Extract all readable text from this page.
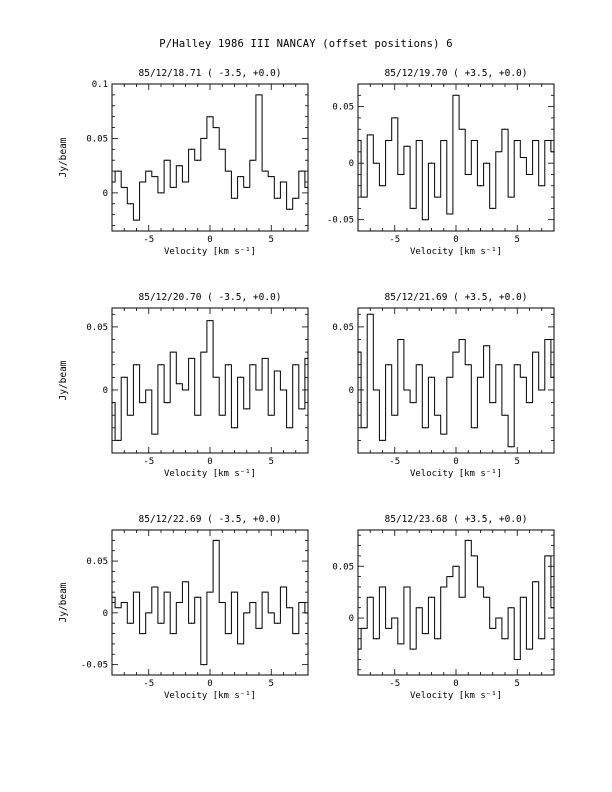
P/Halley 1986 III NANCAY (offset positions) 6
-5	0	5
0
0.05
0.1
85/12/18.71 ( -3.5, +0.0)
Velocity [km s⁻¹]
Jy/beam
-5	0	5
-0.05
0
0.05
85/12/19.70 ( +3.5, +0.0)
Velocity [km s⁻¹]
-5	0	5
0
0.05
85/12/20.70 ( -3.5, +0.0)
Velocity [km s⁻¹]
Jy/beam
-5	0	5
0
0.05
85/12/21.69 ( +3.5, +0.0)
Velocity [km s⁻¹]
-5	0	5
-0.05
0
0.05
85/12/22.69 ( -3.5, +0.0)
Velocity [km s⁻¹]
Jy/beam
-5	0	5
0
0.05
85/12/23.68 ( +3.5, +0.0)
Velocity [km s⁻¹]
